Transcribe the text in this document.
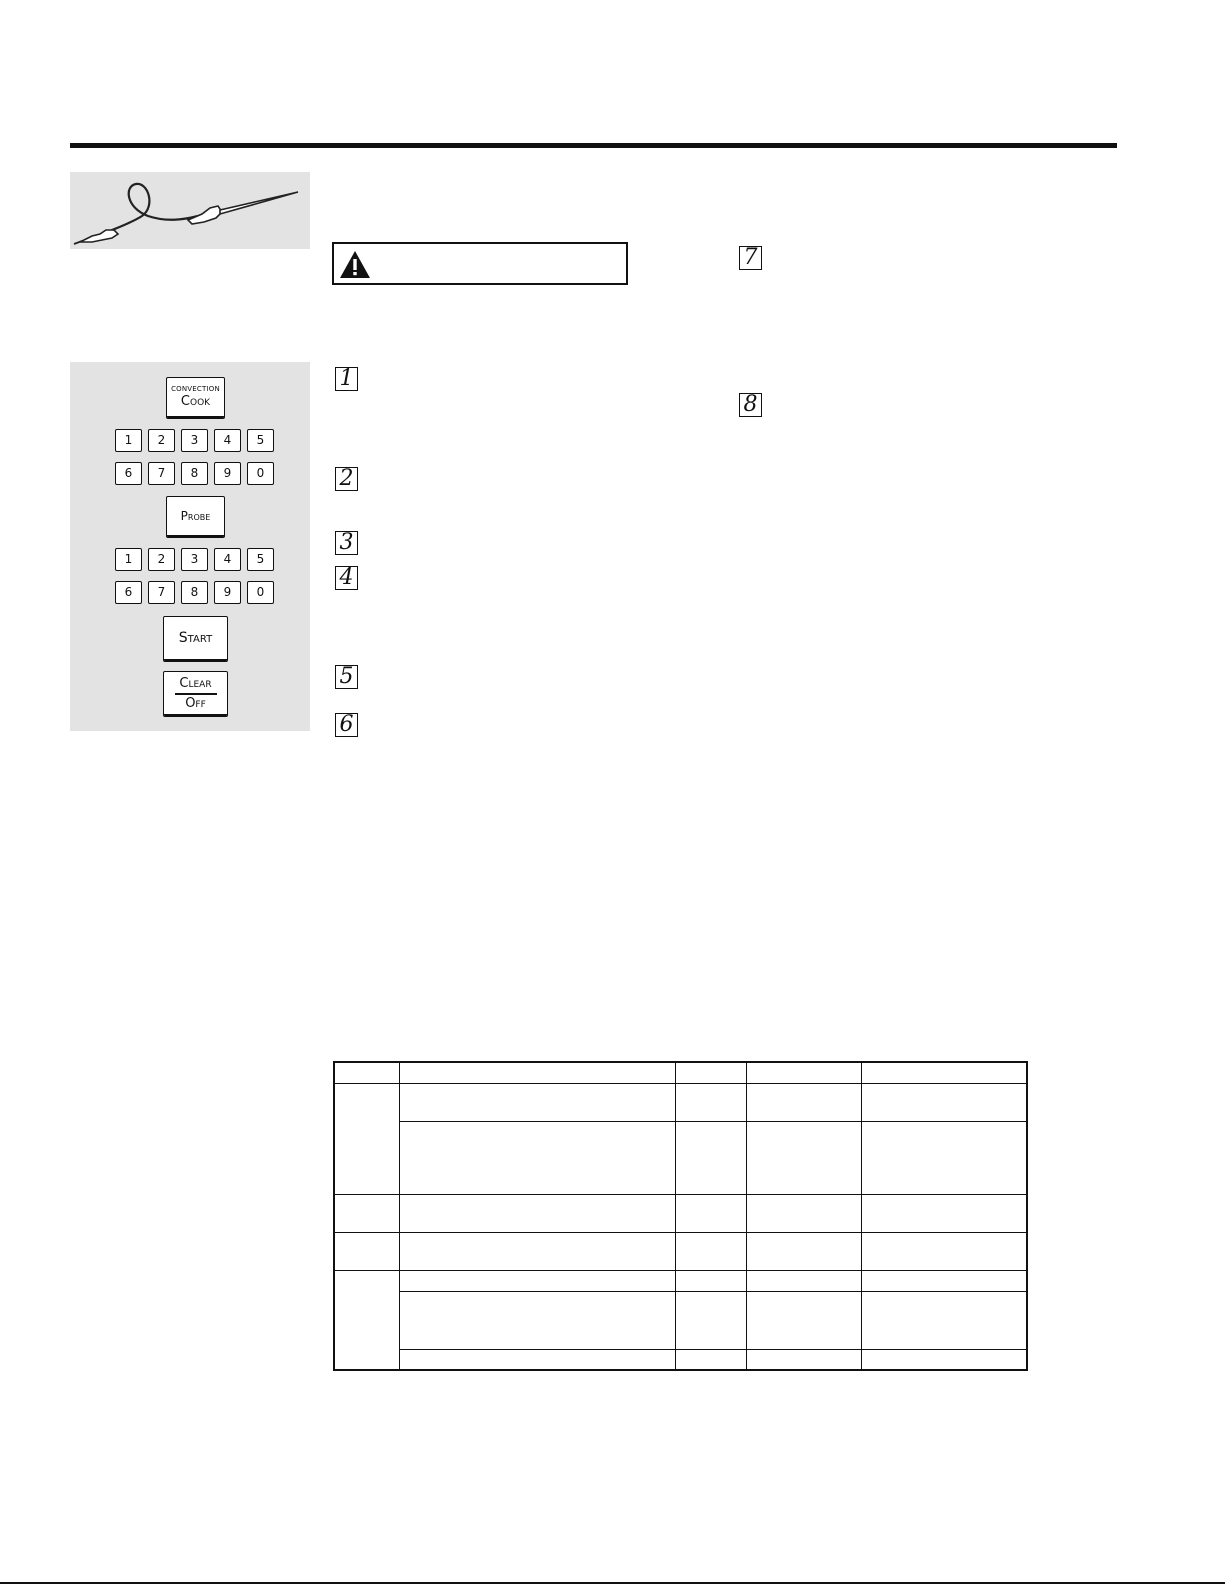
CONVECTION
Cook
1	2	3	4	5
6	7	8	9	0
Probe
1	2	3	4	5
6	7	8	9	0
Start
Clear
Off
1
2
3
4
5
6
7
8
